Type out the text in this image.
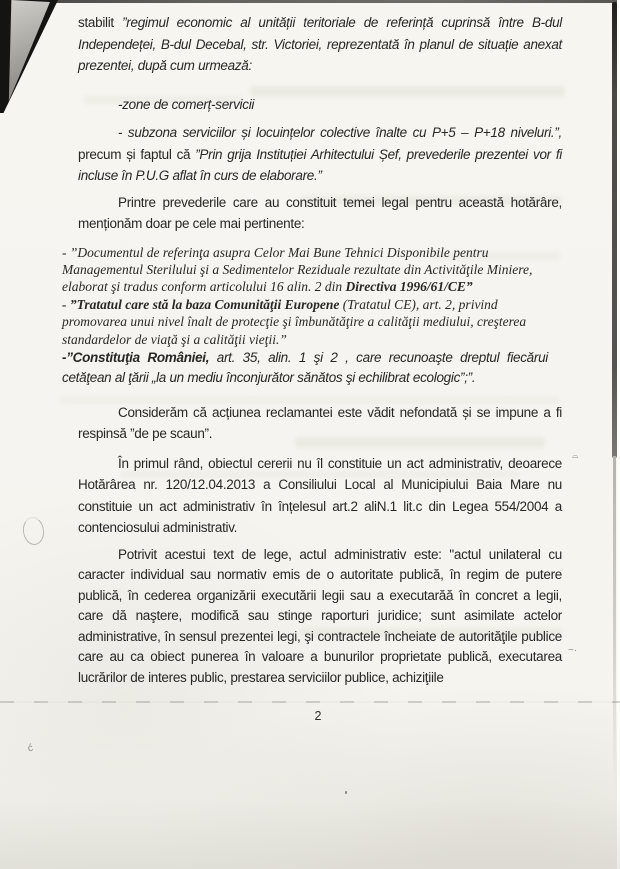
ć
~·
⌓

stabilit ”regimul economic al unității teritoriale de referință cuprinsă între B-dul Independeței, B-dul Decebal, str. Victoriei, reprezentată în planul de situație anexat prezentei, după cum urmează:

-zone de comerț-servicii

- subzona serviciilor și locuințelor colective înalte cu P+5 – P+18 niveluri.”, precum și faptul că ”Prin grija Instituției Arhitectului Șef, prevederile prezentei vor fi incluse în P.U.G aflat în curs de elaborare.”

Printre prevederile care au constituit temei legal pentru această hotărâre, menționăm doar pe cele mai pertinente:

- ”Documentul de referinţa asupra Celor Mai Bune Tehnici Disponibile pentru Managementul Sterilului şi a Sedimentelor Reziduale rezultate din Activităţile Miniere, elaborat şi tradus conform articolului 16 alin. 2 din Directiva 1996/61/CE”

- ”Tratatul care stă la baza Comunităţii Europene (Tratatul CE), art. 2, privind promovarea unui nivel înalt de protecţie şi îmbunătăţire a calităţii mediului, creşterea standardelor de viaţă şi a calităţii vieţii.”

-”Constituţia României, art. 35, alin. 1 şi 2 , care recunoaşte dreptul fiecărui cetăţean al ţării „la un mediu înconjurător sănătos şi echilibrat ecologic”;”.

Considerăm că acțiunea reclamantei este vădit nefondată și se impune a fi respinsă ”de pe scaun”.

În primul rând, obiectul cererii nu îl constituie un act administrativ, deoarece Hotărârea nr. 120/12.04.2013 a Consiliului Local al Municipiului Baia Mare nu constituie un act administrativ în înțelesul art.2 aliN.1 lit.c din Legea 554/2004 a contenciosului administrativ.

Potrivit acestui text de lege, actul administrativ este: "actul unilateral cu caracter individual sau normativ emis de o autoritate publică, în regim de putere publică, în cederea organizării executării legii sau a executarăă în concret a legii, care dă naştere, modifică sau stinge raporturi juridice; sunt asimilate actelor administrative, în sensul prezentei legi, şi contractele încheiate de autorităţile publice care au ca obiect punerea în valoare a bunurilor proprietate publică, executarea lucrărilor de interes public, prestarea serviciilor publice, achiziţiile

2
